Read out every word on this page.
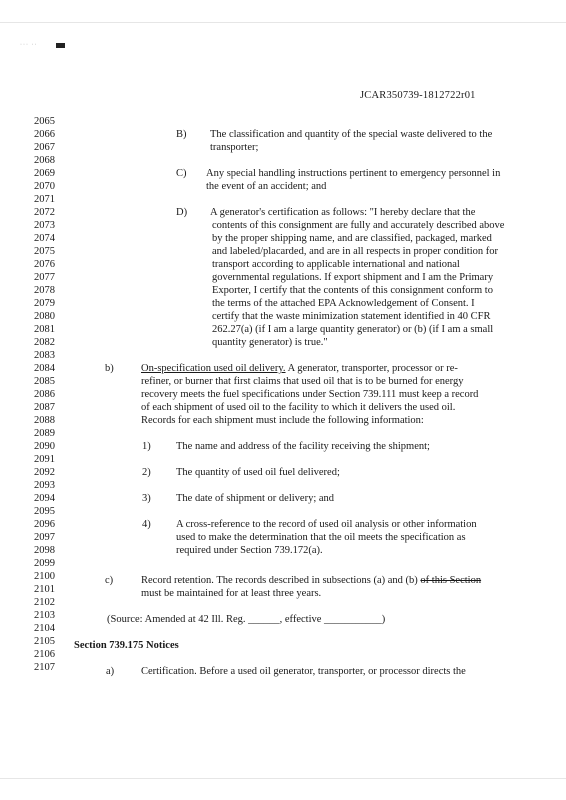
··· ··
JCAR350739-1812722r01
2065
2066
2067
2068
2069
2070
2071
2072
2073
2074
2075
2076
2077
2078
2079
2080
2081
2082
2083
2084
2085
2086
2087
2088
2089
2090
2091
2092
2093
2094
2095
2096
2097
2098
2099
2100
2101
2102
2103
2104
2105
2106
2107
B) The classification and quantity of the special waste delivered to the
transporter;
C) Any special handling instructions pertinent to emergency personnel in
the event of an accident; and
D) A generator's certification as follows: "I hereby declare that the
contents of this consignment are fully and accurately described above
by the proper shipping name, and are classified, packaged, marked
and labeled/placarded, and are in all respects in proper condition for
transport according to applicable international and national
governmental regulations. If export shipment and I am the Primary
Exporter, I certify that the contents of this consignment conform to
the terms of the attached EPA Acknowledgement of Consent. I
certify that the waste minimization statement identified in 40 CFR
262.27(a) (if I am a large quantity generator) or (b) (if I am a small
quantity generator) is true."
b)	On-specification used oil delivery. A generator, transporter, processor or re-
refiner, or burner that first claims that used oil that is to be burned for energy
recovery meets the fuel specifications under Section 739.111 must keep a record
of each shipment of used oil to the facility to which it delivers the used oil.
Records for each shipment must include the following information:
1) The name and address of the facility receiving the shipment;
2) The quantity of used oil fuel delivered;
3) The date of shipment or delivery; and
4) A cross-reference to the record of used oil analysis or other information
used to make the determination that the oil meets the specification as
required under Section 739.172(a).
c)	Record retention. The records described in subsections (a) and (b) of this Section
must be maintained for at least three years.
(Source: Amended at 42 Ill. Reg. ______, effective ___________)
Section 739.175 Notices
a)	Certification. Before a used oil generator, transporter, or processor directs the
